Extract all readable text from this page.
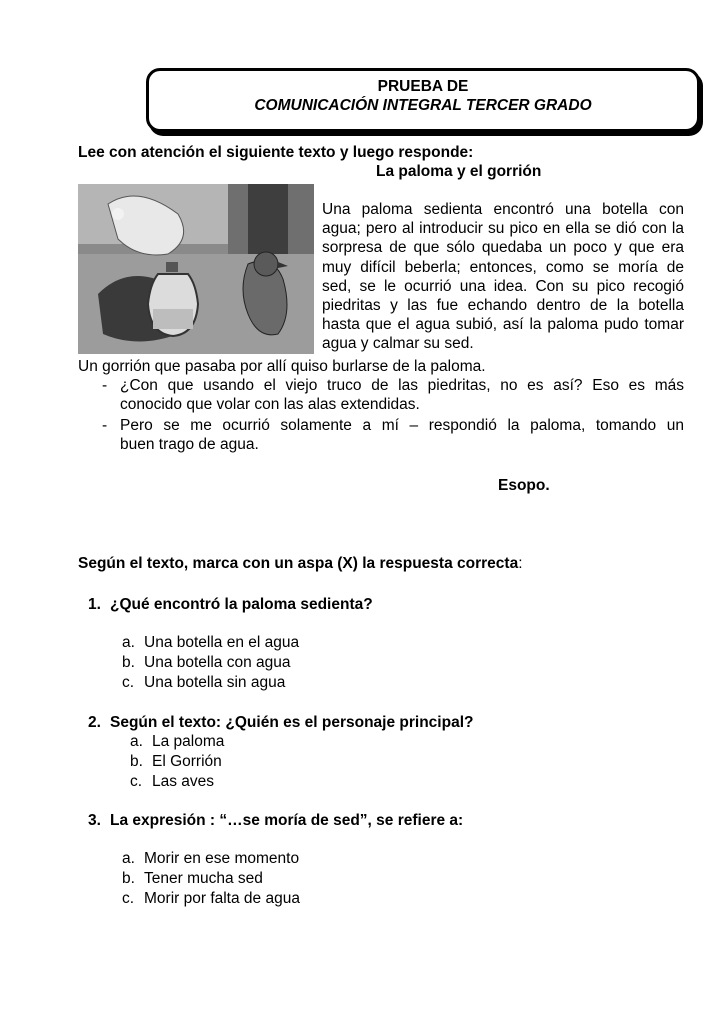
PRUEBA DE
COMUNICACIÓN INTEGRAL TERCER GRADO
Lee con atención el siguiente texto y luego responde:
La paloma y el gorrión
Una paloma sedienta encontró una botella con agua; pero al introducir su pico en ella se dió con la sorpresa de que sólo quedaba un poco y que era muy difícil beberla; entonces, como se moría de sed, se le ocurrió una idea. Con su pico recogió piedritas y las fue echando dentro de la botella hasta que el agua subió, así la paloma pudo tomar agua y calmar su sed.
Un gorrión que pasaba por allí quiso burlarse de la paloma.
- ¿Con que usando el viejo truco de las piedritas, no es así? Eso es más
conocido que volar con las alas extendidas.
- Pero se me ocurrió solamente a mí – respondió la paloma, tomando un
buen trago de agua.
Esopo.
Según el texto, marca con un aspa (X) la respuesta correcta:
1. ¿Qué encontró la paloma sedienta?
a. Una botella en el agua
b. Una botella con agua
c. Una botella sin agua
2. Según el texto: ¿Quién es el personaje principal?
a. La paloma
b. El Gorrión
c. Las aves
3. La expresión : “…se moría de sed”, se refiere a:
a. Morir en ese momento
b. Tener mucha sed
c. Morir por falta de agua
